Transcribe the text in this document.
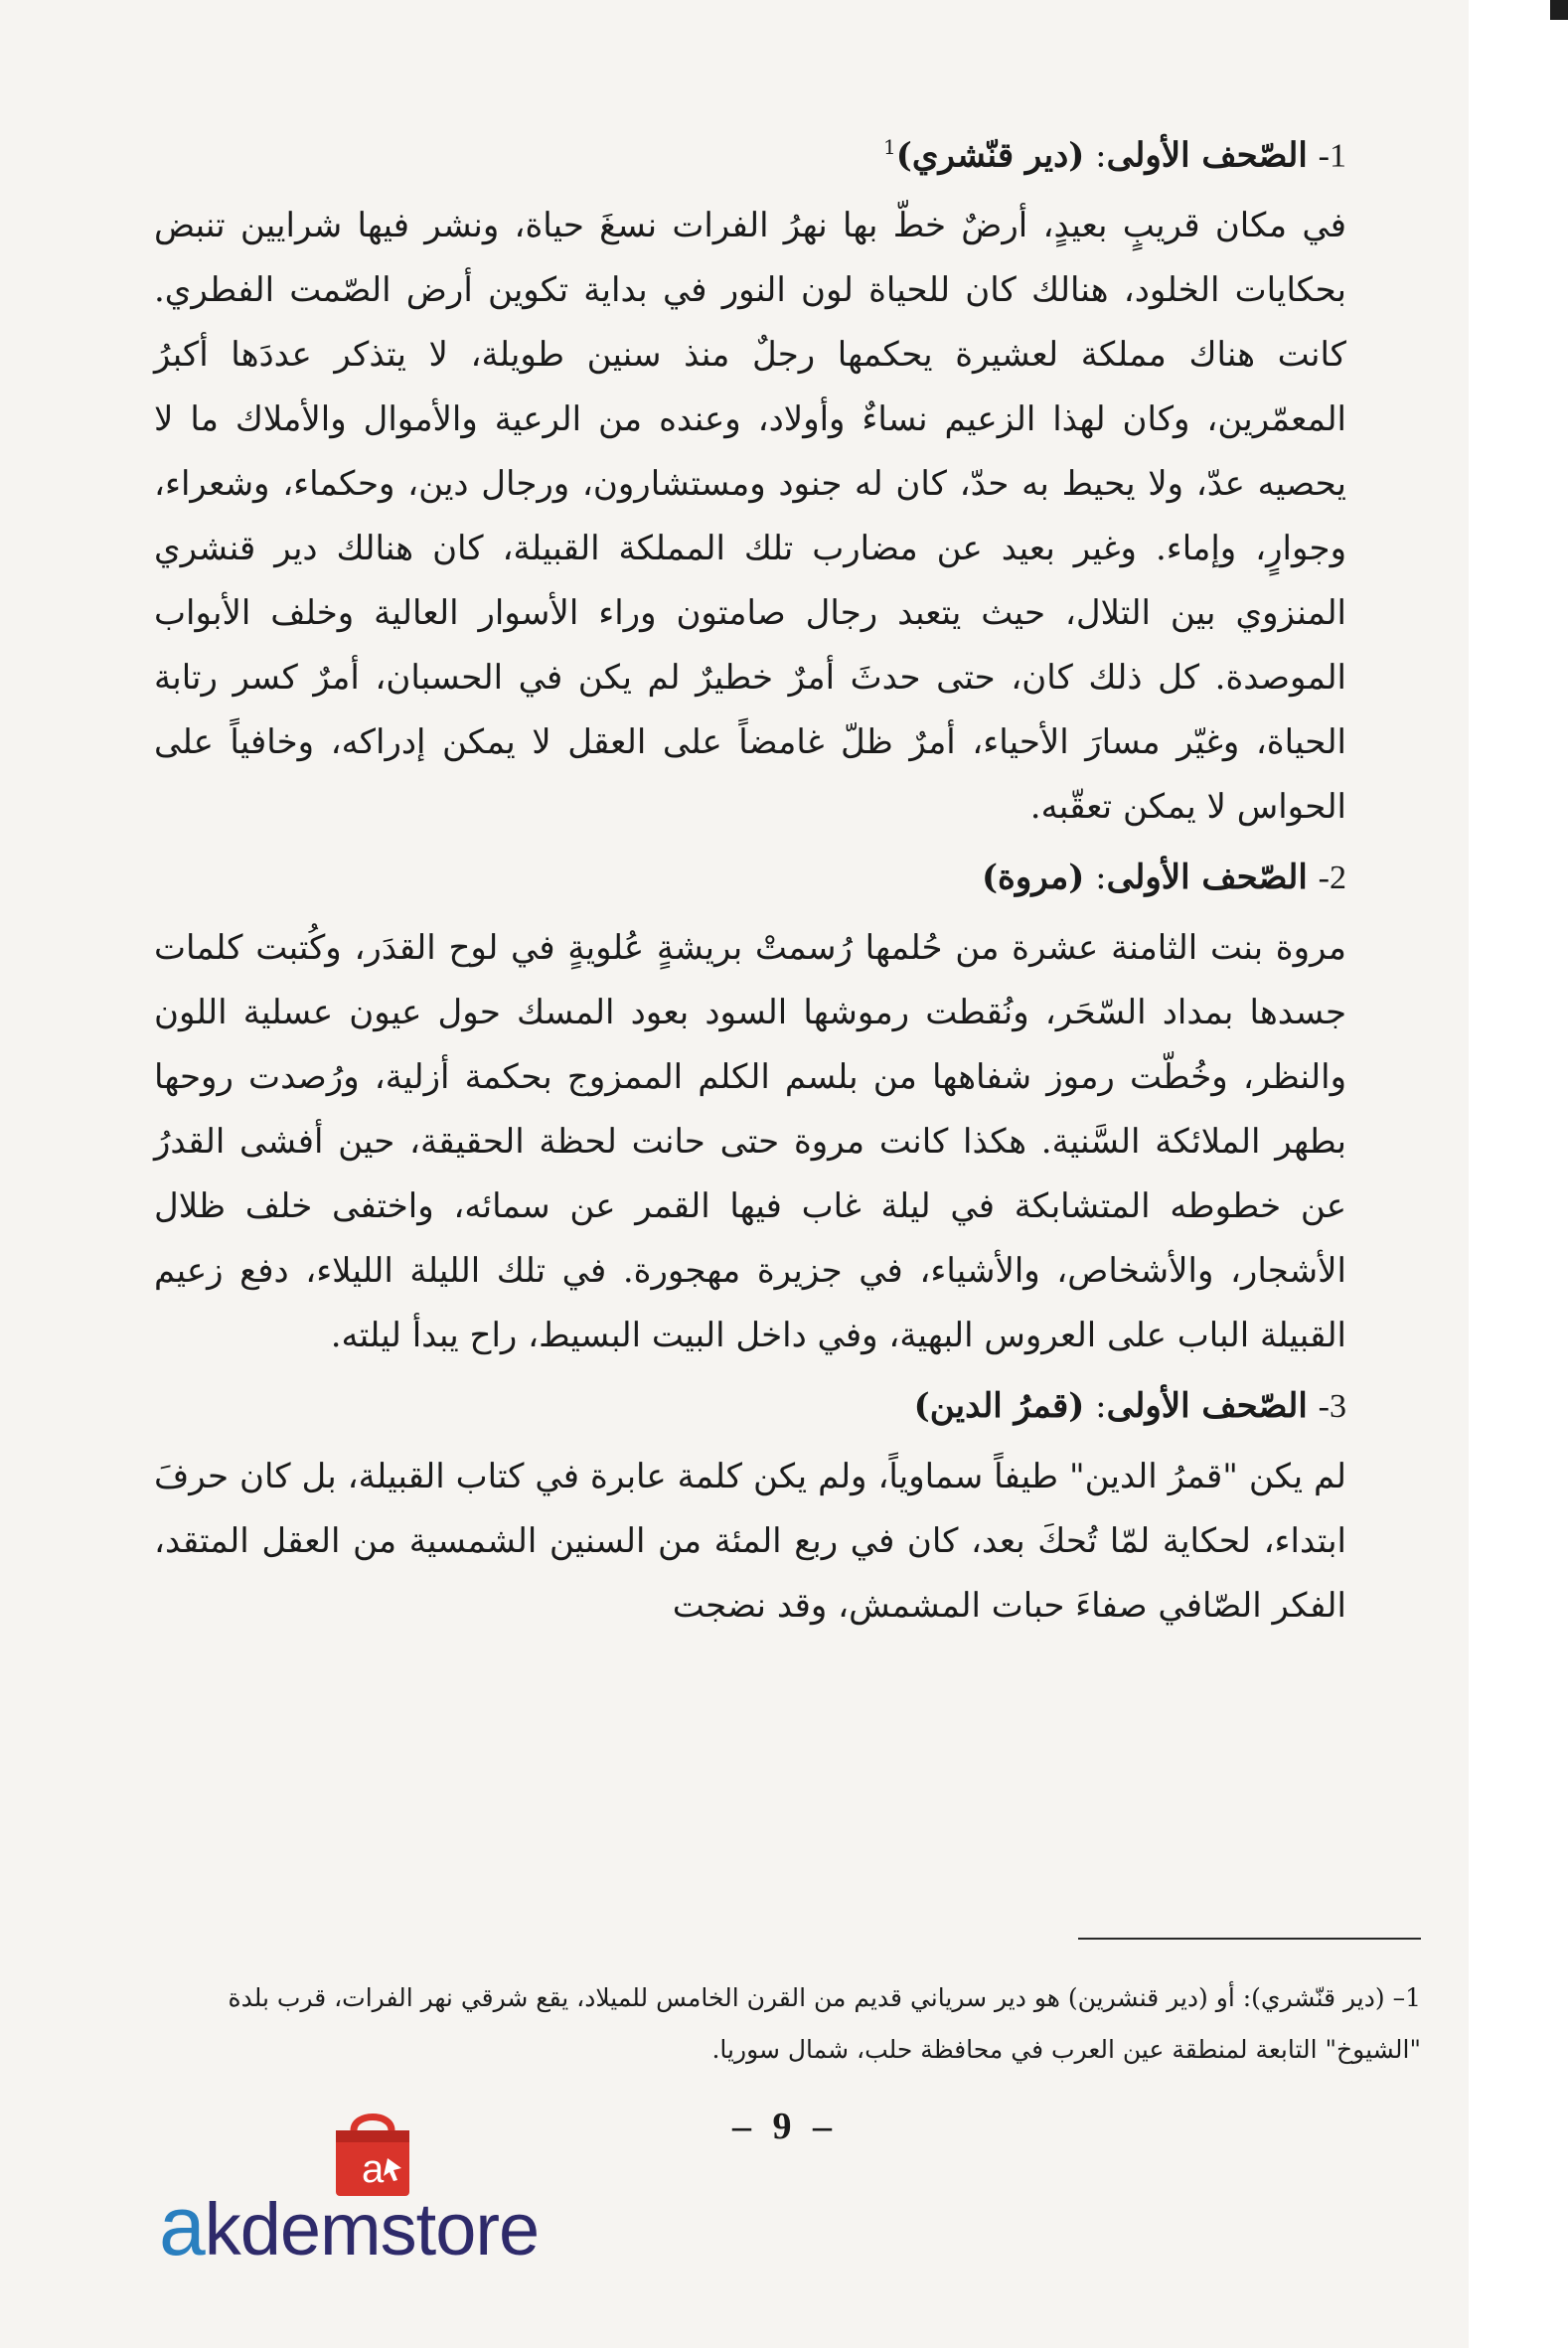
1- الصّحف الأولى: (دير قنّشري)$^1$

في مكان قريبٍ بعيدٍ، أرضٌ خطّ بها نهرُ الفرات نسغَ حياة، ونشر فيها شرايين تنبض بحكايات الخلود، هنالك كان للحياة لون النور في بداية تكوين أرض الصّمت الفطري. كانت هناك مملكة لعشيرة يحكمها رجلٌ منذ سنين طويلة، لا يتذكر عددَها أكبرُ المعمّرين، وكان لهذا الزعيم نساءٌ وأولاد، وعنده من الرعية والأموال والأملاك ما لا يحصيه عدّ، ولا يحيط به حدّ، كان له جنود ومستشارون، ورجال دين، وحكماء، وشعراء، وجوارٍ، وإماء. وغير بعيد عن مضارب تلك المملكة القبيلة، كان هنالك دير قنشري المنزوي بين التلال، حيث يتعبد رجال صامتون وراء الأسوار العالية وخلف الأبواب الموصدة. كل ذلك كان، حتى حدثَ أمرٌ خطيرٌ لم يكن في الحسبان، أمرٌ كسر رتابة الحياة، وغيّر مسارَ الأحياء، أمرٌ ظلّ غامضاً على العقل لا يمكن إدراكه، وخافياً على الحواس لا يمكن تعقّبه.

2- الصّحف الأولى: (مروة)

مروة بنت الثامنة عشرة من حُلمها رُسمتْ بريشةٍ عُلويةٍ في لوح القدَر، وكُتبت كلمات جسدها بمداد السّحَر، ونُقطت رموشها السود بعود المسك حول عيون عسلية اللون والنظر، وخُطّت رموز شفاهها من بلسم الكلم الممزوج بحكمة أزلية، ورُصدت روحها بطهر الملائكة السَّنية. هكذا كانت مروة حتى حانت لحظة الحقيقة، حين أفشى القدرُ عن خطوطه المتشابكة في ليلة غاب فيها القمر عن سمائه، واختفى خلف ظلال الأشجار، والأشخاص، والأشياء، في جزيرة مهجورة. في تلك الليلة الليلاء، دفع زعيم القبيلة الباب على العروس البهية، وفي داخل البيت البسيط، راح يبدأ ليلته.

3- الصّحف الأولى: (قمرُ الدين)

لم يكن "قمرُ الدين" طيفاً سماوياً، ولم يكن كلمة عابرة في كتاب القبيلة، بل كان حرفَ ابتداء، لحكاية لمّا تُحكَ بعد، كان في ربع المئة من السنين الشمسية من العقل المتقد، الفكر الصّافي صفاءَ حبات المشمش، وقد نضجت

1– (دير قنّشري): أو (دير قنشرين) هو دير سرياني قديم من القرن الخامس للميلاد، يقع شرقي نهر الفرات، قرب بلدة "الشيوخ" التابعة لمنطقة عين العرب في محافظة حلب، شمال سوريا.
– 9 –
a
akdemstore
